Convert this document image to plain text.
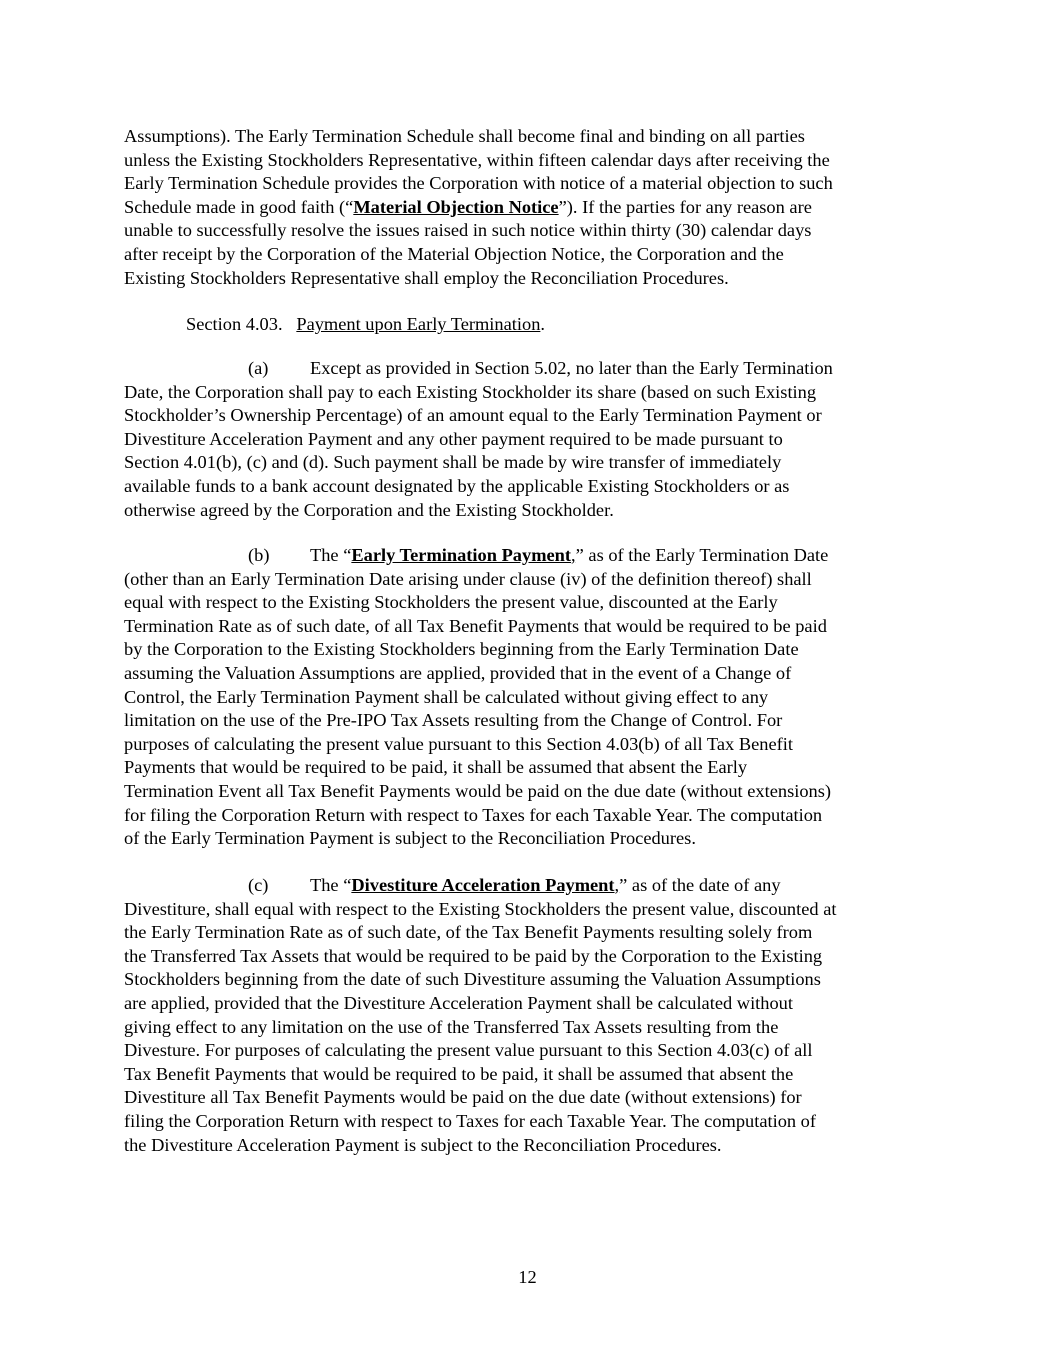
Assumptions). The Early Termination Schedule shall become final and binding on all parties
unless the Existing Stockholders Representative, within fifteen calendar days after receiving the
Early Termination Schedule provides the Corporation with notice of a material objection to such
Schedule made in good faith (“Material Objection Notice”). If the parties for any reason are
unable to successfully resolve the issues raised in such notice within thirty (30) calendar days
after receipt by the Corporation of the Material Objection Notice, the Corporation and the
Existing Stockholders Representative shall employ the Reconciliation Procedures.

Section 4.03. Payment upon Early Termination.

(a) Except as provided in Section 5.02, no later than the Early Termination
Date, the Corporation shall pay to each Existing Stockholder its share (based on such Existing
Stockholder’s Ownership Percentage) of an amount equal to the Early Termination Payment or
Divestiture Acceleration Payment and any other payment required to be made pursuant to
Section 4.01(b), (c) and (d). Such payment shall be made by wire transfer of immediately
available funds to a bank account designated by the applicable Existing Stockholders or as
otherwise agreed by the Corporation and the Existing Stockholder.

(b) The “Early Termination Payment,” as of the Early Termination Date
(other than an Early Termination Date arising under clause (iv) of the definition thereof) shall
equal with respect to the Existing Stockholders the present value, discounted at the Early
Termination Rate as of such date, of all Tax Benefit Payments that would be required to be paid
by the Corporation to the Existing Stockholders beginning from the Early Termination Date
assuming the Valuation Assumptions are applied, provided that in the event of a Change of
Control, the Early Termination Payment shall be calculated without giving effect to any
limitation on the use of the Pre-IPO Tax Assets resulting from the Change of Control. For
purposes of calculating the present value pursuant to this Section 4.03(b) of all Tax Benefit
Payments that would be required to be paid, it shall be assumed that absent the Early
Termination Event all Tax Benefit Payments would be paid on the due date (without extensions)
for filing the Corporation Return with respect to Taxes for each Taxable Year. The computation
of the Early Termination Payment is subject to the Reconciliation Procedures.

(c) The “Divestiture Acceleration Payment,” as of the date of any
Divestiture, shall equal with respect to the Existing Stockholders the present value, discounted at
the Early Termination Rate as of such date, of the Tax Benefit Payments resulting solely from
the Transferred Tax Assets that would be required to be paid by the Corporation to the Existing
Stockholders beginning from the date of such Divestiture assuming the Valuation Assumptions
are applied, provided that the Divestiture Acceleration Payment shall be calculated without
giving effect to any limitation on the use of the Transferred Tax Assets resulting from the
Divesture. For purposes of calculating the present value pursuant to this Section 4.03(c) of all
Tax Benefit Payments that would be required to be paid, it shall be assumed that absent the
Divestiture all Tax Benefit Payments would be paid on the due date (without extensions) for
filing the Corporation Return with respect to Taxes for each Taxable Year. The computation of
the Divestiture Acceleration Payment is subject to the Reconciliation Procedures.

12
